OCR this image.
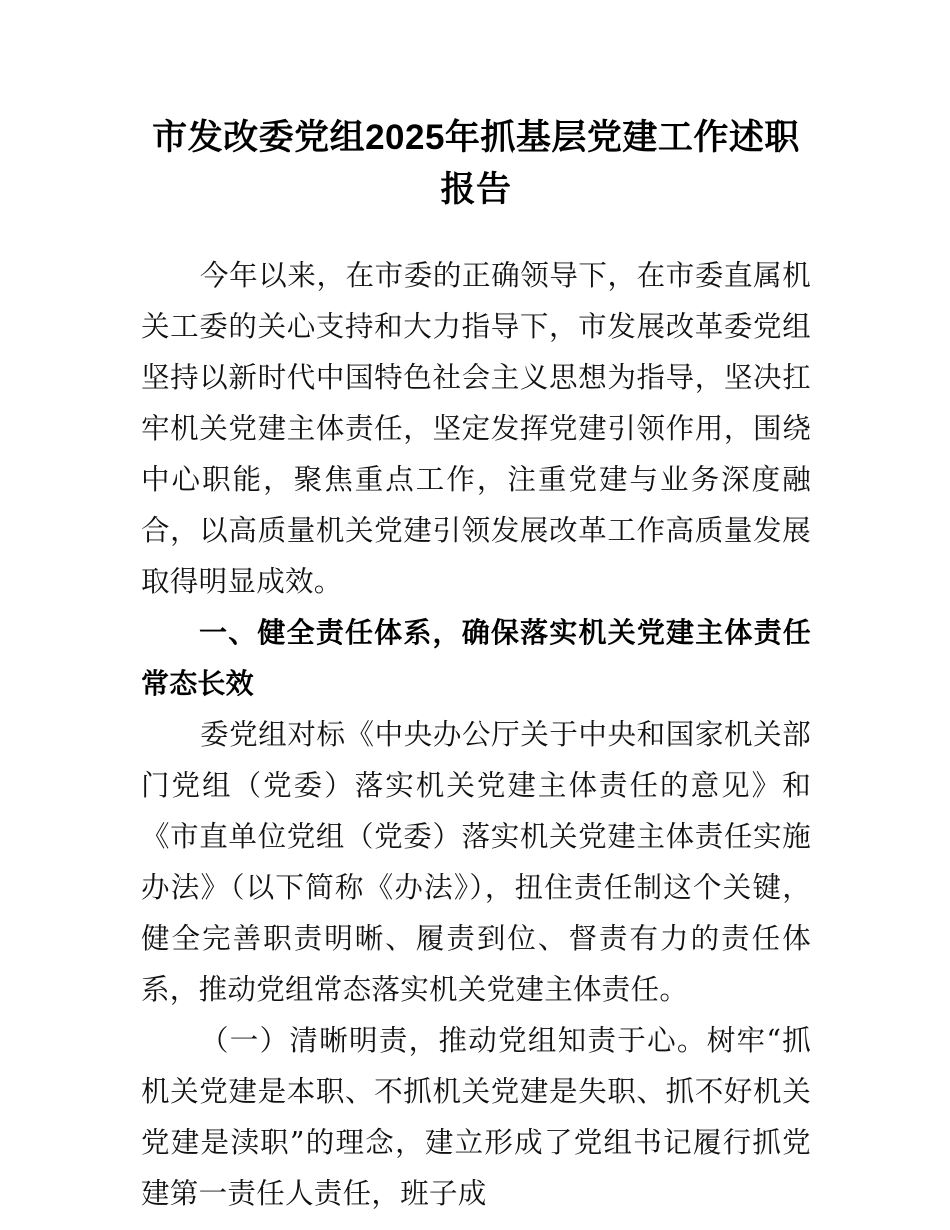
市发改委党组2025年抓基层党建工作述职报告

今年以来，在市委的正确领导下，在市委直属机关工委的关心支持和大力指导下，市发展改革委党组坚持以新时代中国特色社会主义思想为指导，坚决扛牢机关党建主体责任，坚定发挥党建引领作用，围绕中心职能，聚焦重点工作，注重党建与业务深度融合，以高质量机关党建引领发展改革工作高质量发展取得明显成效。

一、健全责任体系，确保落实机关党建主体责任常态长效

委党组对标《中央办公厅关于中央和国家机关部门党组（党委）落实机关党建主体责任的意见》和《市直单位党组（党委）落实机关党建主体责任实施办法》（以下简称《办法》），扭住责任制这个关键，健全完善职责明晰、履责到位、督责有力的责任体系，推动党组常态落实机关党建主体责任。

（一）清晰明责，推动党组知责于心。树牢“抓机关党建是本职、不抓机关党建是失职、抓不好机关党建是渎职”的理念，建立形成了党组书记履行抓党建第一责任人责任，班子成
